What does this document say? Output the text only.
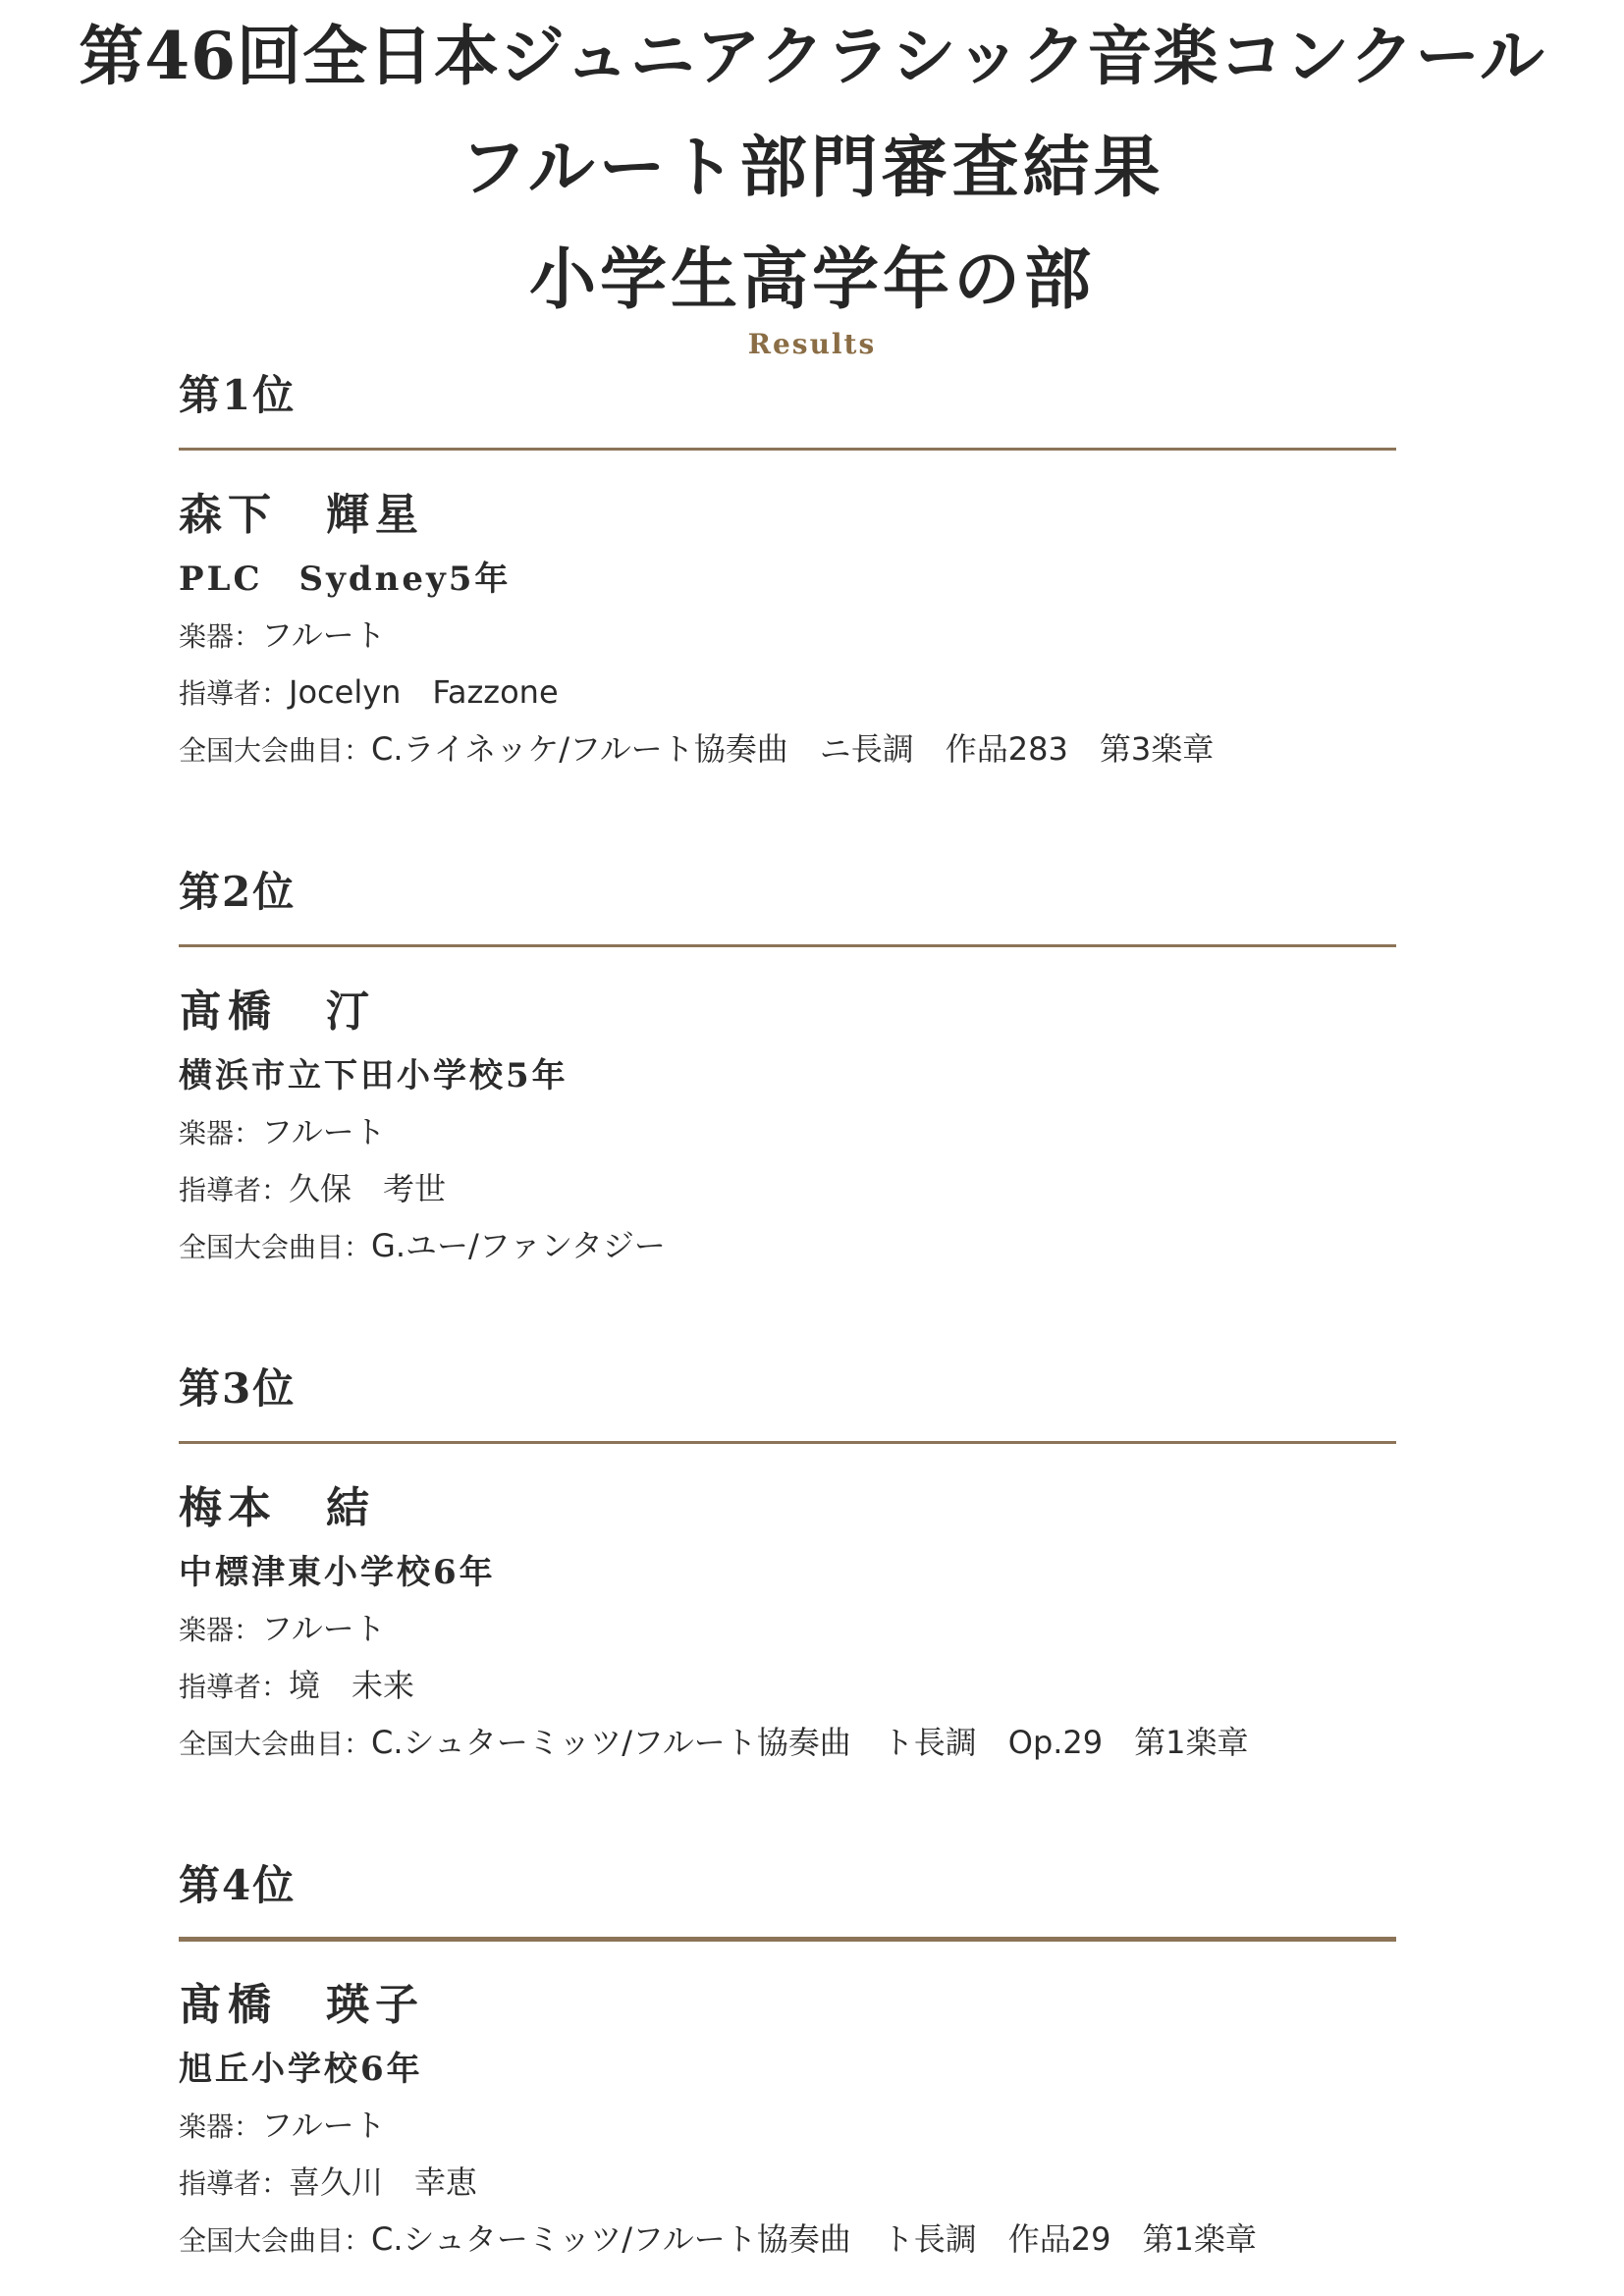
第46回全日本ジュニアクラシック音楽コンクール
フルート部門審査結果
小学生高学年の部
Results
第1位
森下　輝星
PLC　Sydney5年
楽器：フルート
指導者：Jocelyn　Fazzone
全国大会曲目：C.ライネッケ/フルート協奏曲　ニ長調　作品283　第3楽章
第2位
髙橋　汀
横浜市立下田小学校5年
楽器：フルート
指導者：久保　考世
全国大会曲目：G.ユー/ファンタジー
第3位
梅本　結
中標津東小学校6年
楽器：フルート
指導者：境　未来
全国大会曲目：C.シュターミッツ/フルート協奏曲　ト長調　Op.29　第1楽章
第4位
髙橋　瑛子
旭丘小学校6年
楽器：フルート
指導者：喜久川　幸恵
全国大会曲目：C.シュターミッツ/フルート協奏曲　ト長調　作品29　第1楽章
